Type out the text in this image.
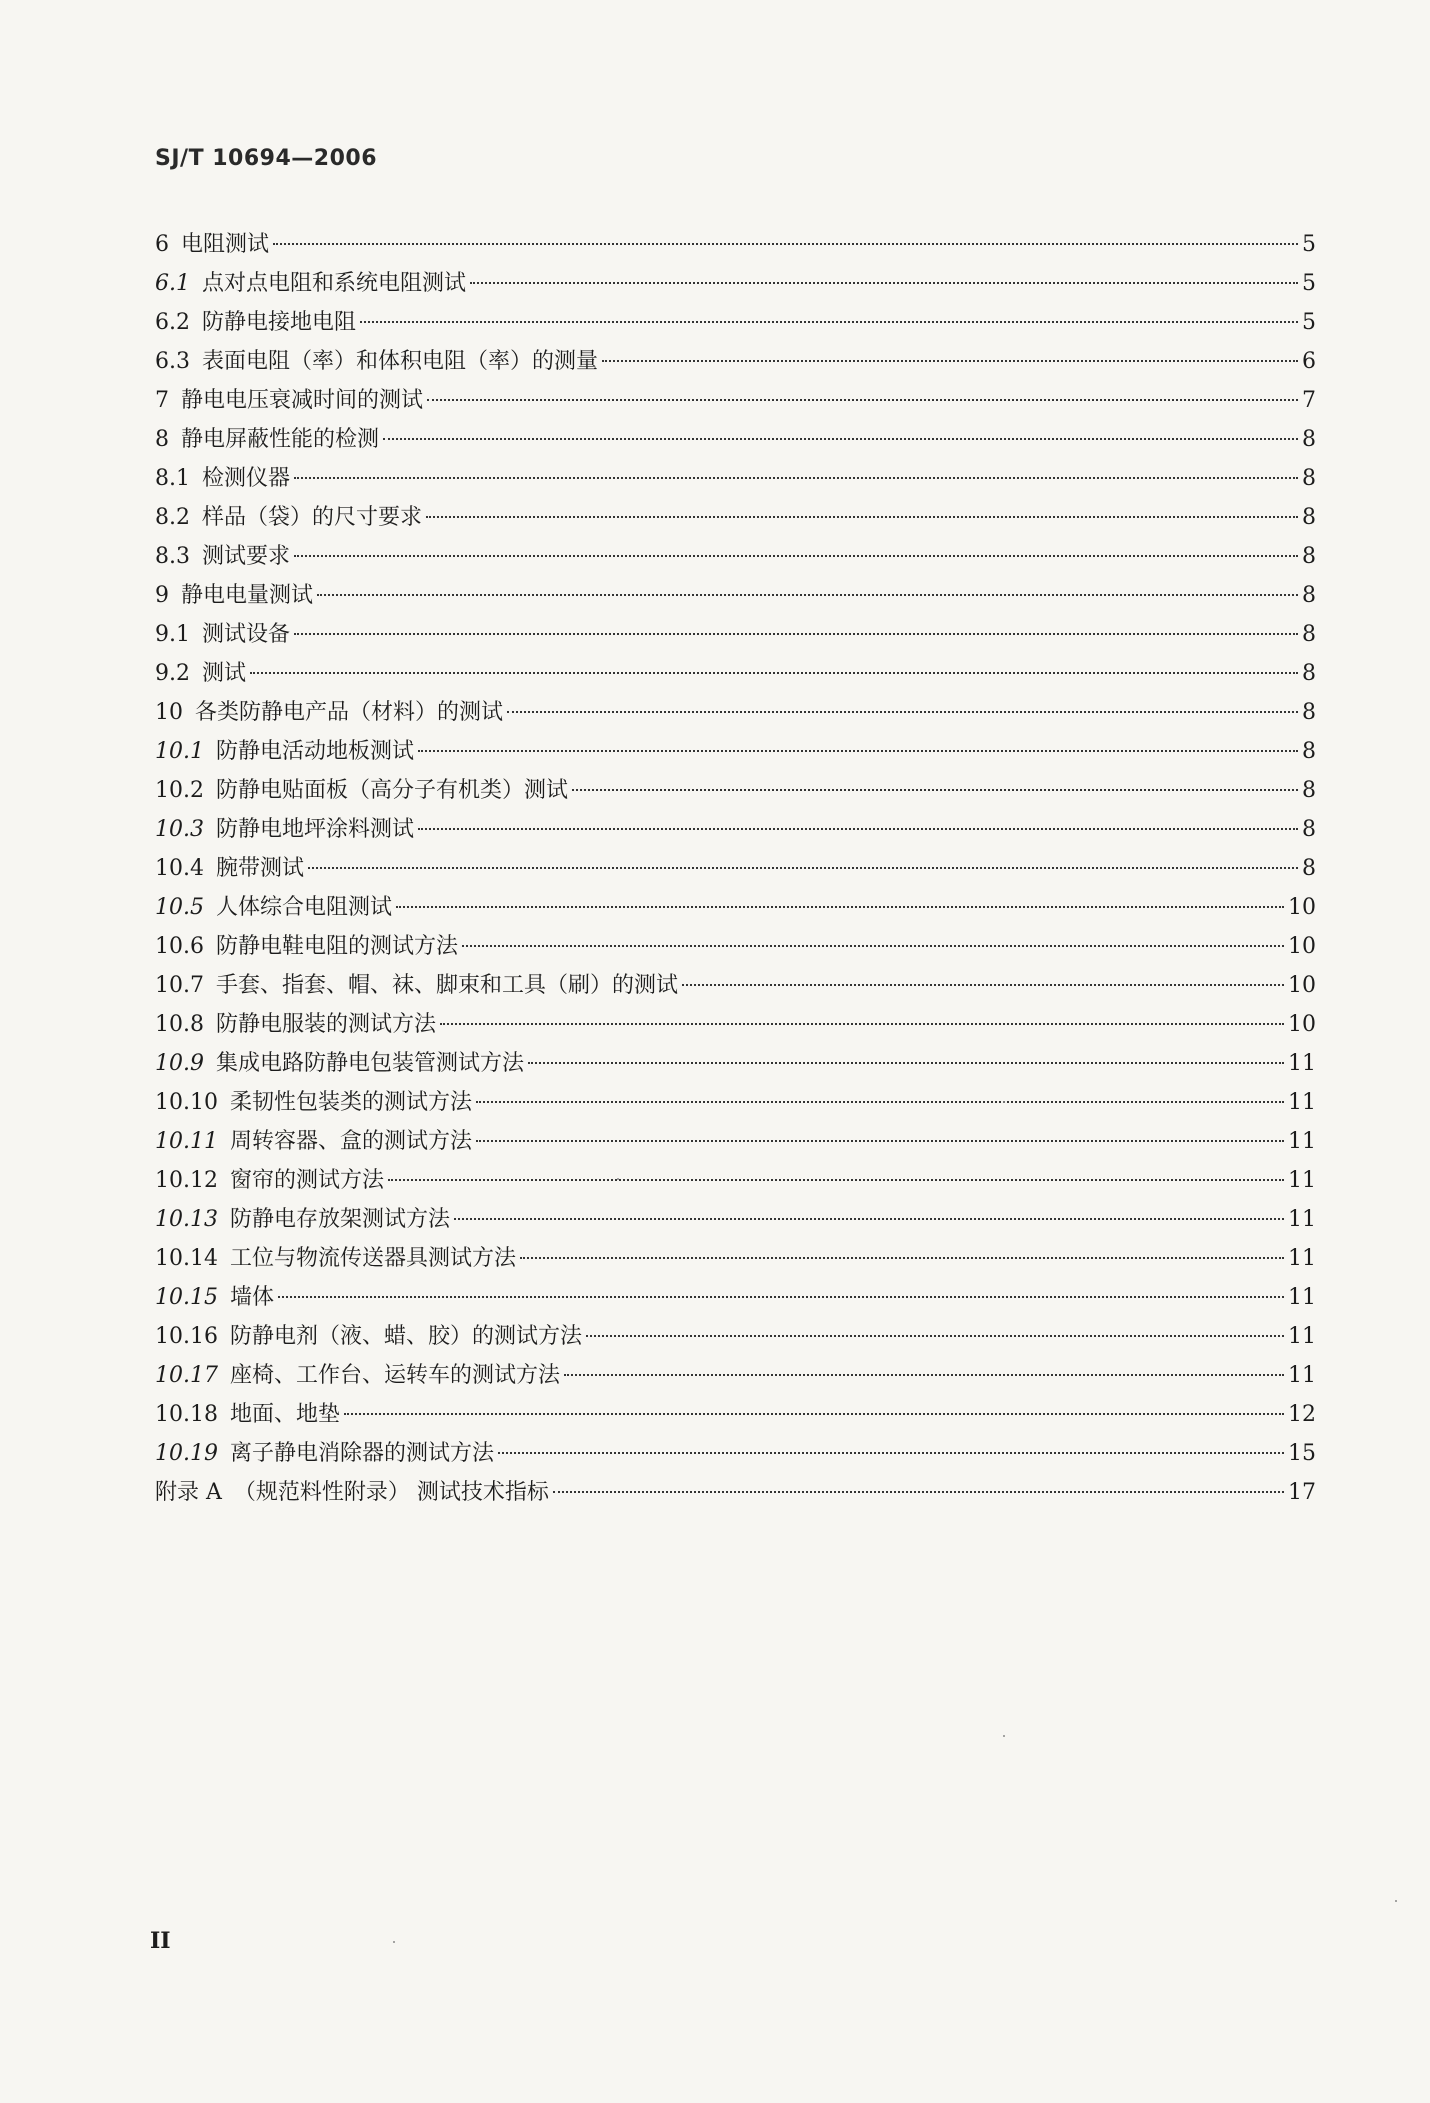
SJ/T 10694—2006
6 电阻测试	5
6.1 点对点电阻和系统电阻测试	5
6.2 防静电接地电阻	5
6.3 表面电阻（率）和体积电阻（率）的测量	6
7 静电电压衰减时间的测试	7
8 静电屏蔽性能的检测	8
8.1 检测仪器	8
8.2 样品（袋）的尺寸要求	8
8.3 测试要求	8
9 静电电量测试	8
9.1 测试设备	8
9.2 测试	8
10 各类防静电产品（材料）的测试	8
10.1 防静电活动地板测试	8
10.2 防静电贴面板（高分子有机类）测试	8
10.3 防静电地坪涂料测试	8
10.4 腕带测试	8
10.5 人体综合电阻测试	10
10.6 防静电鞋电阻的测试方法	10
10.7 手套、指套、帽、袜、脚束和工具（刷）的测试	10
10.8 防静电服装的测试方法	10
10.9 集成电路防静电包装管测试方法	11
10.10 柔韧性包装类的测试方法	11
10.11 周转容器、盒的测试方法	11
10.12 窗帘的测试方法	11
10.13 防静电存放架测试方法	11
10.14 工位与物流传送器具测试方法	11
10.15 墙体	11
10.16 防静电剂（液、蜡、胶）的测试方法	11
10.17 座椅、工作台、运转车的测试方法	11
10.18 地面、地垫	12
10.19 离子静电消除器的测试方法	15
附录 A （规范料性附录） 测试技术指标	17
II
